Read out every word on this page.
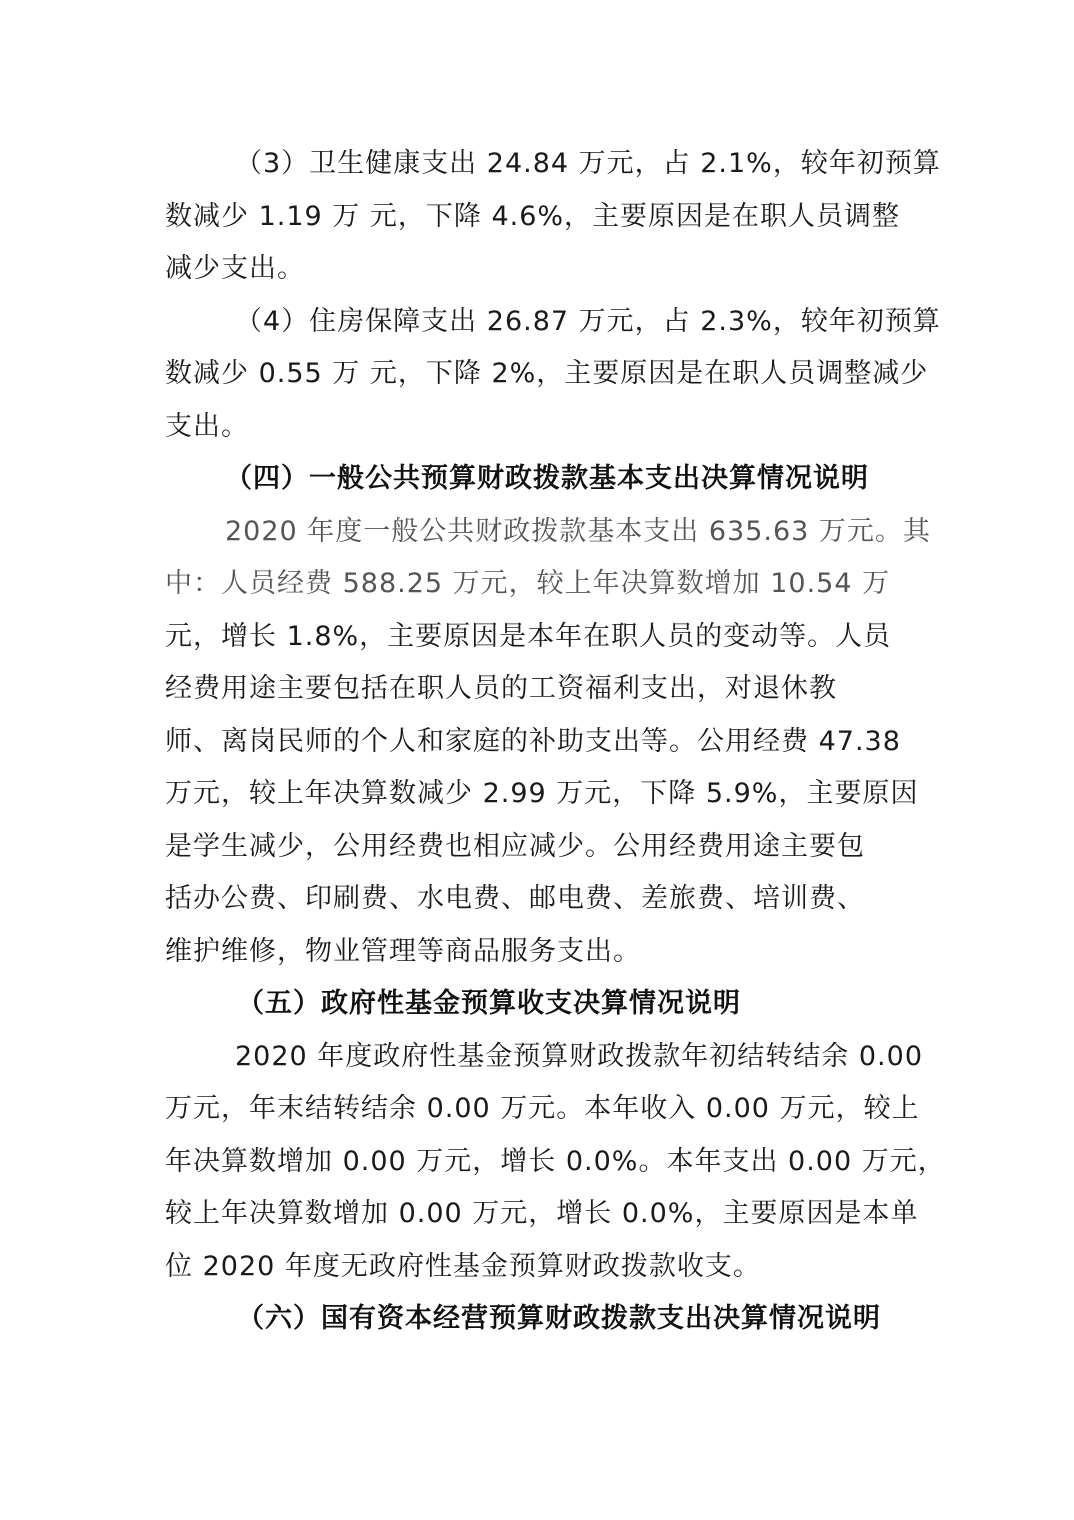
（3）卫生健康支出 24.84 万元，占 2.1%，较年初预算
数减少 1.19 万 元，下降 4.6%，主要原因是在职人员调整
减少支出。
（4）住房保障支出 26.87 万元，占 2.3%，较年初预算
数减少 0.55 万 元，下降 2%，主要原因是在职人员调整减少
支出。
（四）一般公共预算财政拨款基本支出决算情况说明
2020 年度一般公共财政拨款基本支出 635.63 万元。其
中：人员经费 588.25 万元，较上年决算数增加 10.54 万
元，增长 1.8%，主要原因是本年在职人员的变动等。人员
经费用途主要包括在职人员的工资福利支出，对退休教
师、离岗民师的个人和家庭的补助支出等。公用经费 47.38
万元，较上年决算数减少 2.99 万元，下降 5.9%，主要原因
是学生减少，公用经费也相应减少。公用经费用途主要包
括办公费、印刷费、水电费、邮电费、差旅费、培训费、
维护维修，物业管理等商品服务支出。
（五）政府性基金预算收支决算情况说明
2020 年度政府性基金预算财政拨款年初结转结余 0.00
万元，年末结转结余 0.00 万元。本年收入 0.00 万元，较上
年决算数增加 0.00 万元，增长 0.0%。本年支出 0.00 万元，
较上年决算数增加 0.00 万元，增长 0.0%，主要原因是本单
位 2020 年度无政府性基金预算财政拨款收支。
（六）国有资本经营预算财政拨款支出决算情况说明
